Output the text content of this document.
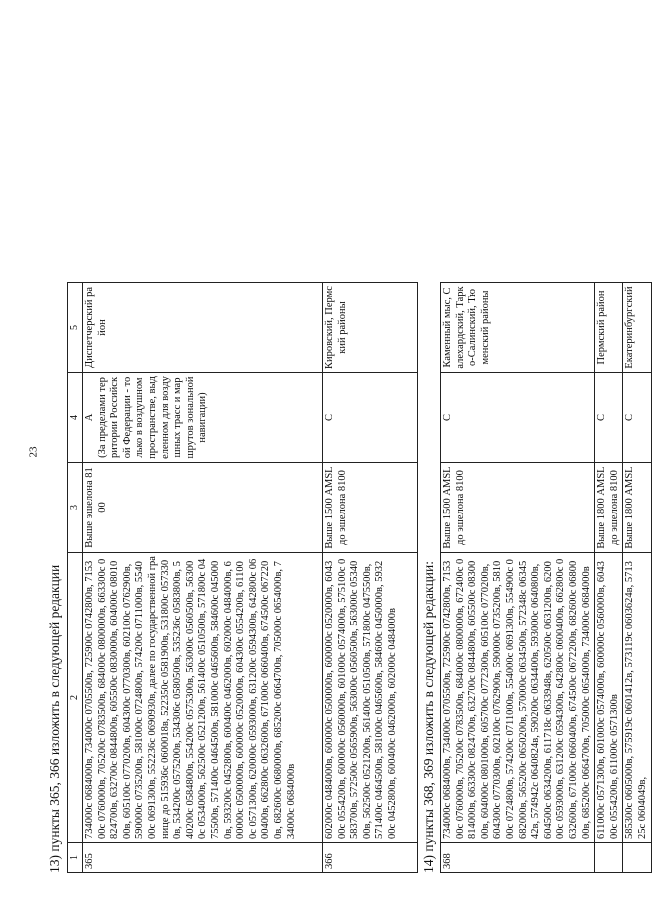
23
13) пункты 365, 366 изложить в следующей редакции 1	2	3	4	5
365	734000с 0684000в, 734000с 0705500в, 725900с 0742800в, 715300с 0760000в, 705200с 0783500в, 684000с 0800000в, 663300с 0824700в, 632700с 0844800в, 605500с 0830000в, 604000с 0801000в, 605100с 0770200в, 604300с 0770300в, 602100с 0762900в, 590000с 0735200в, 581000с 0724800в, 574200с 0711000в, 554000с 0691300в, 552236с 0690930в, далее по государственной границе до 515936с 0600018в, 522350с 0581900в, 531800с 0573300в, 534200с 0575200в, 534306с 0580500в, 535236с 0583800в, 540200с 0584800в, 554200с 0575300в, 563000с 0560500в, 563000с 0534000в, 562500с 0521200в, 561400с 0510500в, 571800с 0475500в, 571400с 0464500в, 581000с 0465600в, 584600с 0450000в, 593200с 0452800в, 600400с 0462000в, 602000с 0484000в, 600000с 0500000в, 600000с 0520000в, 604300с 0554200в, 611000с 0571300в, 620000с 0593000в, 631200с 0594300в, 642800с 0600400в, 662800с 0632600в, 671000с 0660400в, 674500с 0672200в, 682600с 0680000в, 685200с 0664700в, 705000с 0654000в, 734000с 0684000в	Выше эшелона 8100	А (За пределами территории Российской Федерации - только в воздушном пространстве, выделенном для воздушных трасс и маршрутов зональной навигации)	Диспетчерский район
366	602000с 0484000в, 600000с 0500000в, 600000с 0520000в, 604300с 0554200в, 600000с 0560000в, 601000с 0574000в, 575100с 0583700в, 572500с 0565900в, 563000с 0560500в, 563000с 0534000в, 562500с 0521200в, 561400с 0510500в, 571800с 0475500в, 571400с 0464500в, 581000с 0465600в, 584600с 0450000в, 593200с 0452800в, 600400с 0462000в, 602000с 0484000в	Выше 1500 AMSL до эшелона 8100	С	Кировский, Пермский районы
14) пункты 368, 369 изложить в следующей редакции: 368	734000с 0684000в, 734000с 0705500в, 725900с 0742800в, 715300с 0760000в, 705200с 0783500в, 684000с 0800000в, 672400с 0814000в, 663300с 0824700в, 632700с 0844800в, 605500с 0830000в, 604000с 0801000в, 605700с 0772300в, 605100с 0770200в, 604300с 0770300в, 602100с 0762900в, 590000с 0735200в, 581000с 0724800в, 574200с 0711000в, 554000с 0691300в, 554900с 0682000в, 565200с 0650200в, 570000с 0634500в, 572348с 0634542в, 574942с 0640824в, 590200с 0634400в, 593000с 0640800в, 604500с 0634200в, 611718с 0633948в, 620500с 0631200в, 620000с 0593000в, 631200с 0594300в, 642800с 0600400в, 662800с 0632600в, 671000с 0660400в, 674500с 0672200в, 682600с 0680000в, 685200с 0664700в, 705000с 0654000в, 734000с 0684000в	Выше 1500 AMSL до эшелона 8100	С	Каменный мыс, Салехардский, Тарко-Салинский, Тюменский районы
	611000с 0571300в, 601000с 0574000в, 600000с 0560000в, 604300с 0554200в, 611000с 0571300в	Выше 1800 AMSL до эшелона 8100	С	Пермский район
	585300с 0605000в, 575919с 0601412в, 573119с 0603624в, 571325с 0604049в,	Выше 1800 AMSL	С	Екатеринбургский
